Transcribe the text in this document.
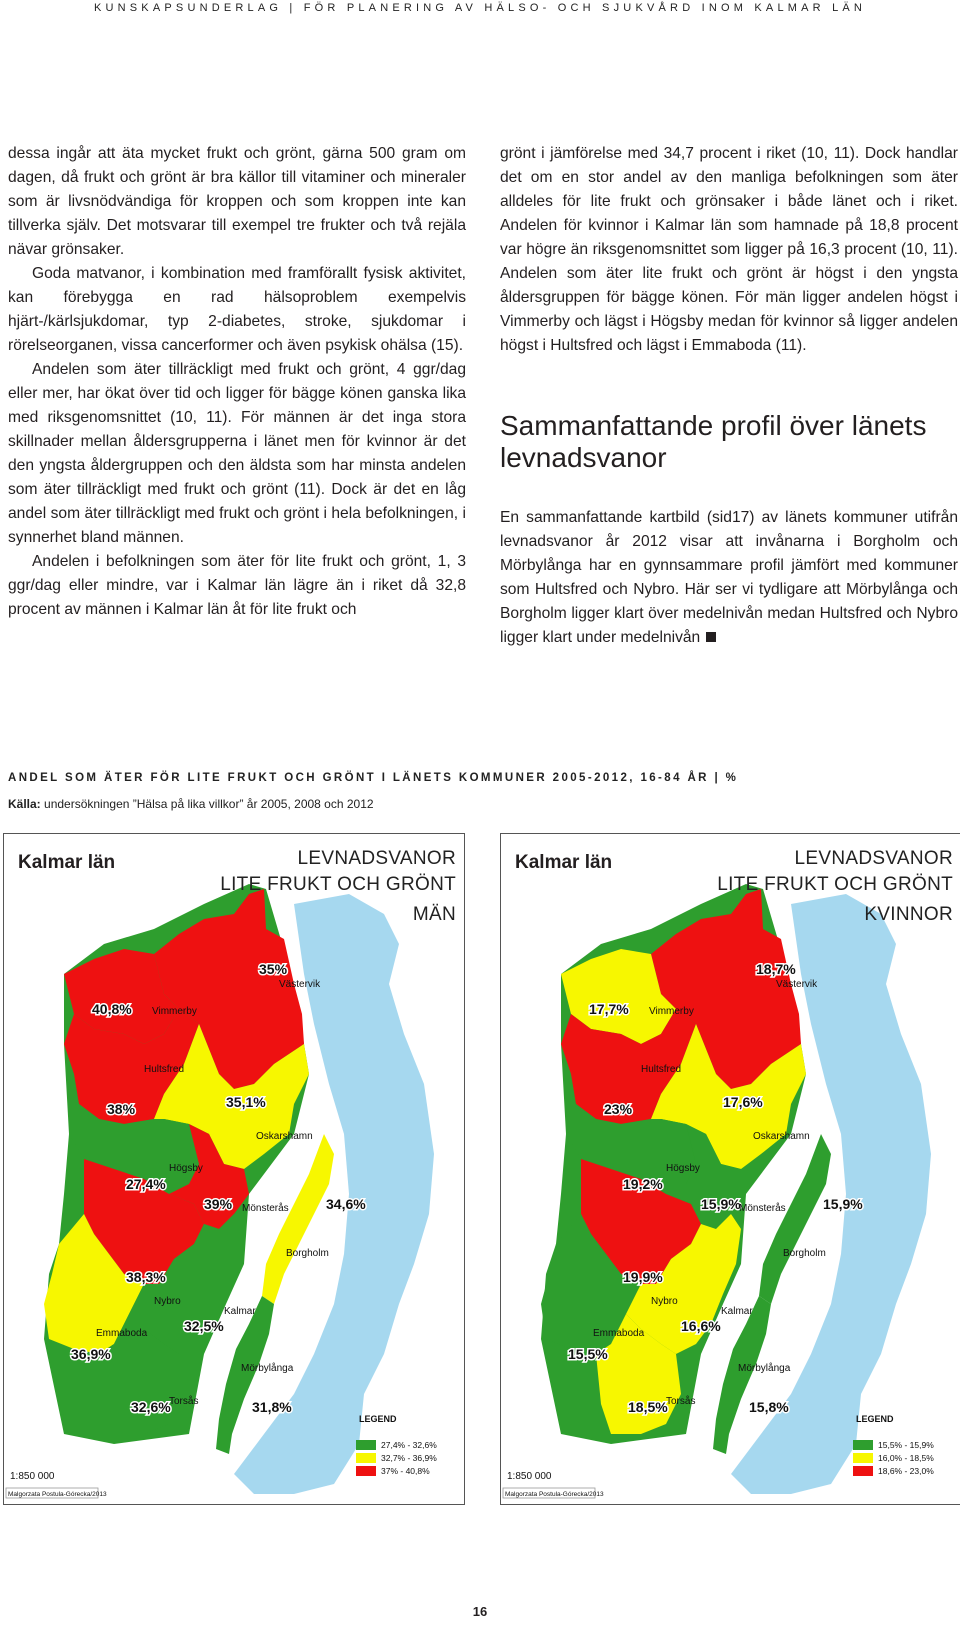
KUNSKAPSUNDERLAG | FÖR PLANERING AV HÄLSO- OCH SJUKVÅRD INOM KALMAR LÄN

dessa ingår att äta mycket frukt och grönt, gärna 500 gram om dagen, då frukt och grönt är bra källor till vitaminer och mineraler som är livsnödvändiga för kroppen och som kroppen inte kan tillverka själv. Det motsvarar till exempel tre frukter och två rejäla nävar grönsaker.

Goda matvanor, i kombination med framförallt fysisk aktivitet, kan förebygga en rad hälsoproblem exempelvis hjärt-/kärlsjukdomar, typ 2-diabetes, stroke, sjukdomar i rörelseorganen, vissa cancerformer och även psykisk ohälsa (15).

Andelen som äter tillräckligt med frukt och grönt, 4 ggr/dag eller mer, har ökat över tid och ligger för bägge könen ganska lika med riksgenomsnittet (10, 11). För männen är det inga stora skillnader mellan åldersgrupperna i länet men för kvinnor är det den yngsta åldergruppen och den äldsta som har minsta andelen som äter tillräckligt med frukt och grönt (11). Dock är det en låg andel som äter tillräckligt med frukt och grönt i hela befolkningen, i synnerhet bland männen.

Andelen i befolkningen som äter för lite frukt och grönt, 1, 3 ggr/dag eller mindre, var i Kalmar län lägre än i riket då 32,8 procent av männen i Kalmar län åt för lite frukt och

grönt i jämförelse med 34,7 procent i riket (10, 11). Dock handlar det om en stor andel av den manliga befolkningen som äter alldeles för lite frukt och grönsaker i både länet och i riket. Andelen för kvinnor i Kalmar län som hamnade på 18,8 procent var högre än riksgenomsnittet som ligger på 16,3 procent (10, 11). Andelen som äter lite frukt och grönt är högst i den yngsta åldersgruppen för bägge könen. För män ligger andelen högst i Vimmerby och lägst i Högsby medan för kvinnor så ligger andelen högst i Hultsfred och lägst i Emmaboda (11).

Sammanfattande profil över länets levnadsvanor

En sammanfattande kartbild (sid17) av länets kommuner utifrån levnadsvanor år 2012 visar att invånarna i Borgholm och Mörbylånga har en gynnsammare profil jämfört med kommuner som Hultsfred och Nybro. Här ser vi tydligare att Mörbylånga och Borgholm ligger klart över medelnivån medan Hultsfred och Nybro ligger klart under medelnivån

ANDEL SOM ÄTER FÖR LITE FRUKT OCH GRÖNT I LÄNETS KOMMUNER 2005-2012, 16-84 ÅR | %
Källa: undersökningen ”Hälsa på lika villkor” år 2005, 2008 och 2012
35%
Västervik
40,8% Vimmerby
38%
Hultsfred
35,1%
Oskarshamn
27,4%
Högsby
39% Mönsterås	34,6%
Borgholm
38,3%
Nybro
36,9%
Emmaboda	32,5%
Kalmar
32,6%
Torsås	31,8%
Mörbylånga
LEGEND
27,4% - 32,6%
32,7% - 36,9%
37% - 40,8%
1:850 000
Malgorzata Postula-Górecka/2013
Kalmar län	LEVNADSVANOR
LITE FRUKT OCH GRÖNT
MÄN
18,7%
Västervik
17,7% Vimmerby
23%
Hultsfred
17,6%
Oskarshamn
19,2%
Högsby
15,9%
Mönsterås	15,9%
Borgholm
19,9%
Nybro
15,5%
Emmaboda	16,6%
Kalmar
18,5%
Torsås	15,8%
Mörbylånga
LEGEND
15,5% - 15,9%
16,0% - 18,5%
18,6% - 23,0%
1:850 000
Malgorzata Postula-Górecka/2013
Kalmar län	LEVNADSVANOR
LITE FRUKT OCH GRÖNT
KVINNOR
16
